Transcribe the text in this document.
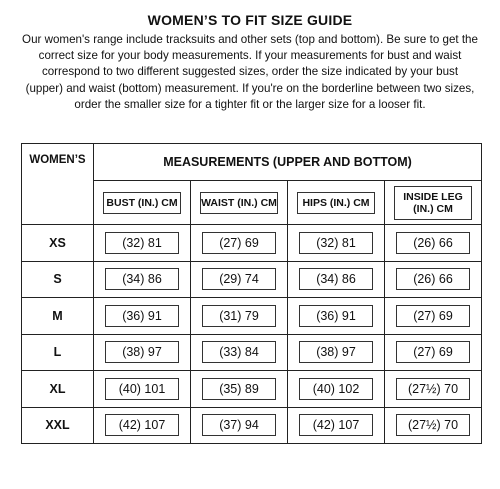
WOMEN’S TO FIT SIZE GUIDE
Our women's range include tracksuits and other sets (top and bottom). Be sure to get the correct size for your body measurements. If your measurements for bust and waist correspond to two different suggested sizes, order the size indicated by your bust (upper) and waist (bottom) measurement. If you're on the borderline between two sizes, order the smaller size for a tighter fit or the larger size for a looser fit.
WOMEN’S	MEASUREMENTS (UPPER AND BOTTOM)			
	BUST (IN.) CM	WAIST (IN.) CM	HIPS (IN.) CM	INSIDE LEG (IN.) CM
XS	(32) 81	(27) 69	(32) 81	(26) 66
S	(34) 86	(29) 74	(34) 86	(26) 66
M	(36) 91	(31) 79	(36) 91	(27) 69
L	(38) 97	(33) 84	(38) 97	(27) 69
XL	(40) 101	(35) 89	(40) 102	(27½) 70
XXL	(42) 107	(37) 94	(42) 107	(27½) 70
